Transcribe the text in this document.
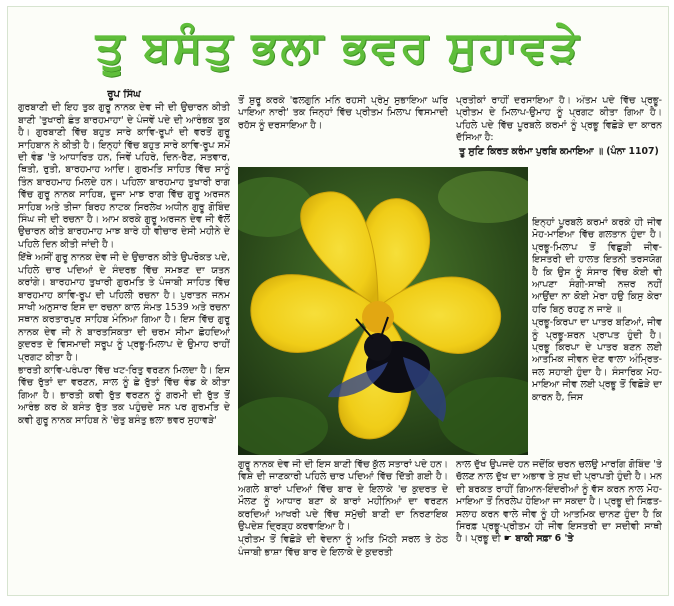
ਤੂ ਬਸੰਤੁ ਭਲਾ ਭਵਰ ਸੁਹਾਵੜੇ

ਰੂਪ ਸਿੰਘ

ਗੁਰਬਾਣੀ ਦੀ ਇਹ ਤੁਕ ਗੁਰੂ ਨਾਨਕ ਦੇਵ ਜੀ ਦੀ ਉਚਾਰਨ ਕੀਤੀ ਬਾਣੀ 'ਤੁਖਾਰੀ ਛੰਤ ਬਾਰਹਮਾਹਾ' ਦੇ ਪੰਜਵੇਂ ਪਦੇ ਦੀ ਆਰੰਭਕ ਤੁਕ ਹੈ। ਗੁਰਬਾਣੀ ਵਿੱਚ ਬਹੁਤ ਸਾਰੇ ਕਾਵਿ-ਰੂਪਾਂ ਦੀ ਵਰਤੋਂ ਗੁਰੂ ਸਾਹਿਬਾਨ ਨੇ ਕੀਤੀ ਹੈ। ਇਨ੍ਹਾਂ ਵਿੱਚ ਬਹੁਤ ਸਾਰੇ ਕਾਵਿ-ਰੂਪ ਸਮੇਂ ਦੀ ਵੰਡ 'ਤੇ ਆਧਾਰਿਤ ਹਨ, ਜਿਵੇਂ ਪਹਿਰੇ, ਦਿਨ-ਰੈਣ, ਸਤਵਾਰ, ਥਿਤੀ, ਰੁਤੀ, ਬਾਰਹਮਾਹ ਆਦਿ। ਗੁਰਮਤਿ ਸਾਹਿਤ ਵਿੱਚ ਸਾਨੂੰ ਤਿੰਨ ਬਾਰਹਮਾਹ ਮਿਲਦੇ ਹਨ। ਪਹਿਲਾ ਬਾਰਹਮਾਹ ਤੁਖਾਰੀ ਰਾਗ ਵਿੱਚ ਗੁਰੂ ਨਾਨਕ ਸਾਹਿਬ, ਦੂਜਾ ਮਾਝ ਰਾਗ ਵਿੱਚ ਗੁਰੂ ਅਰਜਨ ਸਾਹਿਬ ਅਤੇ ਤੀਜਾ ਬਿਰਹ ਨਾਟਕ ਸਿਰਲੇਖ ਅਧੀਨ ਗੁਰੂ ਗੋਬਿੰਦ ਸਿੰਘ ਜੀ ਦੀ ਰਚਨਾ ਹੈ। ਆਮ ਕਰਕੇ ਗੁਰੂ ਅਰਜਨ ਦੇਵ ਜੀ ਵੱਲੋਂ ਉਚਾਰਨ ਕੀਤੇ ਬਾਰਹਮਾਹ ਮਾਝ ਬਾਰੇ ਹੀ ਵੀਚਾਰ ਦੇਸੀ ਮਹੀਨੇ ਦੇ ਪਹਿਲੇ ਦਿਨ ਕੀਤੀ ਜਾਂਦੀ ਹੈ।

ਇੱਥੇ ਅਸੀਂ ਗੁਰੂ ਨਾਨਕ ਦੇਵ ਜੀ ਦੇ ਉਚਾਰਨ ਕੀਤੇ ਉਪਰੋਕਤ ਪਦੇ, ਪਹਿਲੇ ਚਾਰ ਪਦਿਆਂ ਦੇ ਸੰਦਰਭ ਵਿੱਚ ਸਮਝਣ ਦਾ ਯਤਨ ਕਰਾਂਗੇ। ਬਾਰਹਮਾਹ ਤੁਖਾਰੀ ਗੁਰਮਤਿ ਤੇ ਪੰਜਾਬੀ ਸਾਹਿਤ ਵਿੱਚ ਬਾਰਹਮਾਹ ਕਾਵਿ-ਰੂਪ ਦੀ ਪਹਿਲੀ ਰਚਨਾ ਹੈ। ਪੁਰਾਤਨ ਜਨਮ ਸਾਖੀ ਅਨੁਸਾਰ ਇਸ ਦਾ ਰਚਨਾ ਕਾਲ ਸੰਮਤ 1539 ਅਤੇ ਰਚਨਾ ਸਥਾਨ ਕਰਤਾਰਪੁਰ ਸਾਹਿਬ ਮੰਨਿਆ ਗਿਆ ਹੈ। ਇਸ ਵਿੱਚ ਗੁਰੂ ਨਾਨਕ ਦੇਵ ਜੀ ਨੇ ਬਾਰਤਸਿਕਤਾ ਦੀ ਚਰਮ ਸੀਮਾ ਛੋਹਦਿਆਂ ਕੁਦਰਤ ਦੇ ਵਿਸਮਾਦੀ ਸਰੂਪ ਨੂੰ ਪ੍ਰਭੂ-ਮਿਲਾਪ ਦੇ ਉਮਾਹ ਰਾਹੀਂ ਪ੍ਰਗਟ ਕੀਤਾ ਹੈ।

ਭਾਰਤੀ ਕਾਵਿ-ਪਰੰਪਰਾ ਵਿੱਚ ਖਟ-ਰਿਤੁ ਵਰਣਨ ਮਿਲਦਾ ਹੈ। ਇਸ ਵਿੱਚ ਰੁੱਤਾਂ ਦਾ ਵਰਣਨ, ਸਾਲ ਨੂੰ ਛੇ ਰੁੱਤਾਂ ਵਿੱਚ ਵੰਡ ਕੇ ਕੀਤਾ ਗਿਆ ਹੈ। ਭਾਰਤੀ ਕਵੀ ਰੁੱਤ ਵਰਣਨ ਨੂੰ ਗਰਮੀ ਦੀ ਰੁੱਤ ਤੋਂ ਆਰੰਭ ਕਰ ਕੇ ਬਸੰਤ ਰੁੱਤ ਤਕ ਪਹੁੰਚਦੇ ਸਨ ਪਰ ਗੁਰਮਤਿ ਦੇ ਕਵੀ ਗੁਰੂ ਨਾਨਕ ਸਾਹਿਬ ਨੇ 'ਚੇਤੁ ਬਸੰਤੁ ਭਲਾ ਭਵਰ ਸੁਹਾਵੜੇ'

ਤੋਂ ਸ਼ੁਰੂ ਕਰਕੇ 'ਫਲਗੁਨਿ ਮਨਿ ਰਹਸੀ ਪ੍ਰੇਮੁ ਸੁਭਾਇਆ ਘਰਿ ਪਾਇਆ ਨਾਰੀ' ਤਕ ਜਿਨ੍ਹਾਂ ਵਿੱਚ ਪ੍ਰੀਤਮ ਮਿਲਾਪ ਵਿਸਮਾਦੀ ਰਹੱਸ ਨੂੰ ਦਰਸਾਇਆ ਹੈ।

ਪ੍ਰਤੀਕਾਂ ਰਾਹੀਂ ਦਰਸਾਇਆ ਹੈ। ਅੰਤਮ ਪਦੇ ਵਿੱਚ ਪ੍ਰਭੂ-ਪ੍ਰੀਤਮ ਦੇ ਮਿਲਾਪ-ਉਮਾਹ ਨੂੰ ਪ੍ਰਗਟ ਕੀਤਾ ਗਿਆ ਹੈ। ਪਹਿਲੇ ਪਦੇ ਵਿੱਚ ਪੂਰਬਲੇ ਕਰਮਾਂ ਨੂੰ ਪ੍ਰਭੂ ਵਿਛੋੜੇ ਦਾ ਕਾਰਨ ਦੱਸਿਆ ਹੈ:

ਤੂ ਸੁਣਿ ਕਿਰਤ ਕਰੰਮਾ ਪੁਰਬਿ ਕਮਾਇਆ ॥ (ਪੰਨਾ 1107)

ਇਨ੍ਹਾਂ ਪੂਰਬਲੇ ਕਰਮਾਂ ਕਰਕੇ ਹੀ ਜੀਵ ਮੋਹ-ਮਾਇਆ ਵਿੱਚ ਗਲਤਾਨ ਹੁੰਦਾ ਹੈ। ਪ੍ਰਭੂ-ਮਿਲਾਪ ਤੋਂ ਵਿਛੁੜੀ ਜੀਵ-ਇਸਤਰੀ ਦੀ ਹਾਲਤ ਇਤਨੀ ਤਰਸਯੋਗ ਹੈ ਕਿ ਉਸ ਨੂੰ ਸੰਸਾਰ ਵਿੱਚ ਕੋਈ ਵੀ ਆਪਣਾ ਸੰਗੀ-ਸਾਥੀ ਨਜ਼ਰ ਨਹੀਂ ਆਉਂਦਾ ਨਾ ਕੋਈ ਮੇਰਾ ਹਉ ਕਿਸੁ ਕੇਰਾ ਹਰਿ ਬਿਨੁ ਰਹਣੁ ਨ ਜਾਏ ॥

ਪ੍ਰਭੂ-ਕਿਰਪਾ ਦਾ ਪਾਤਰ ਬਣਿਆਂ, ਜੀਵ ਨੂੰ ਪ੍ਰਭੂ-ਸ਼ਰਨ ਪ੍ਰਾਪਤ ਹੁੰਦੀ ਹੈ। ਪ੍ਰਭੂ ਕਿਰਪਾ ਦੇ ਪਾਤਰ ਬਣਨ ਲਈ ਆਤਮਿਕ ਜੀਵਨ ਦੇਣ ਵਾਲਾ ਅੰਮ੍ਰਿਤ-ਜਲ ਸਹਾਈ ਹੁੰਦਾ ਹੈ। ਸੰਸਾਰਿਕ ਮੋਹ-ਮਾਇਆ ਜੀਵ ਲਈ ਪ੍ਰਭੂ ਤੋਂ ਵਿਛੋੜੇ ਦਾ ਕਾਰਨ ਹੈ, ਜਿਸ

ਗੁਰੂ ਨਾਨਕ ਦੇਵ ਜੀ ਦੀ ਇਸ ਬਾਣੀ ਵਿੱਚ ਕੁੱਲ ਸਤਾਰਾਂ ਪਦੇ ਹਨ। ਵਿਸ਼ੇ ਦੀ ਜਾਣਕਾਰੀ ਪਹਿਲੇ ਚਾਰ ਪਦਿਆਂ ਵਿੱਚ ਦਿੱਤੀ ਗਈ ਹੈ। ਅਗਲੇ ਬਾਰਾਂ ਪਦਿਆਂ ਵਿੱਚ ਬਾਰ ਦੇ ਇਲਾਕੇ 'ਚ ਕੁਦਰਤ ਦੇ ਮੌਲਣ ਨੂੰ ਆਧਾਰ ਬਣਾ ਕੇ ਬਾਰਾਂ ਮਹੀਨਿਆਂ ਦਾ ਵਰਣਨ ਕਰਦਿਆਂ ਆਖਰੀ ਪਦੇ ਵਿੱਚ ਸਮੁੱਚੀ ਬਾਣੀ ਦਾ ਨਿਰਣਾਇਕ ਉਪਦੇਸ਼ ਦ੍ਰਿੜ੍ਹ ਕਰਵਾਇਆ ਹੈ।

ਪ੍ਰੀਤਮ ਤੋਂ ਵਿਛੋੜੇ ਦੀ ਵੇਦਨਾ ਨੂੰ ਅਤਿ ਮਿੱਠੀ ਸਰਲ ਤੇ ਠੇਠ ਪੰਜਾਬੀ ਭਾਸ਼ਾ ਵਿੱਚ ਬਾਰ ਦੇ ਇਲਾਕੇ ਦੇ ਕੁਦਰਤੀ

ਨਾਲ ਦੁੱਖ ਉਪਜਦੇ ਹਨ ਜਦੋਂਕਿ ਚਰਨ ਚਲਉ ਮਾਰਗਿ ਗੋਬਿੰਦ 'ਤੇ ਚੱਲਣ ਨਾਲ ਦੁੱਖ ਦਾ ਅਭਾਵ ਤੇ ਸੁਖ ਦੀ ਪ੍ਰਾਪਤੀ ਹੁੰਦੀ ਹੈ। ਮਨ ਦੀ ਬਰਕਤ ਰਾਹੀਂ ਗਿਆਨ-ਇੰਦਰੀਆਂ ਨੂੰ ਵੱਸ ਕਰਨ ਨਾਲ ਮੋਹ-ਮਾਇਆ ਤੋਂ ਨਿਰਲੇਪ ਹੋਇਆ ਜਾ ਸਕਦਾ ਹੈ। ਪ੍ਰਭੂ ਦੀ ਸਿਫ਼ਤ-ਸਲਾਹ ਕਰਨ ਵਾਲੇ ਜੀਵ ਨੂੰ ਹੀ ਆਤਮਿਕ ਚਾਨਣ ਹੁੰਦਾ ਹੈ ਕਿ ਸਿਰਫ਼ ਪ੍ਰਭੂ-ਪ੍ਰੀਤਮ ਹੀ ਜੀਵ ਇਸਤਰੀ ਦਾ ਸਦੀਵੀ ਸਾਥੀ ਹੈ। ਪ੍ਰਭੂ ਦੀ ☛ ਬਾਕੀ ਸਫ਼ਾ 6 'ਤੇ
